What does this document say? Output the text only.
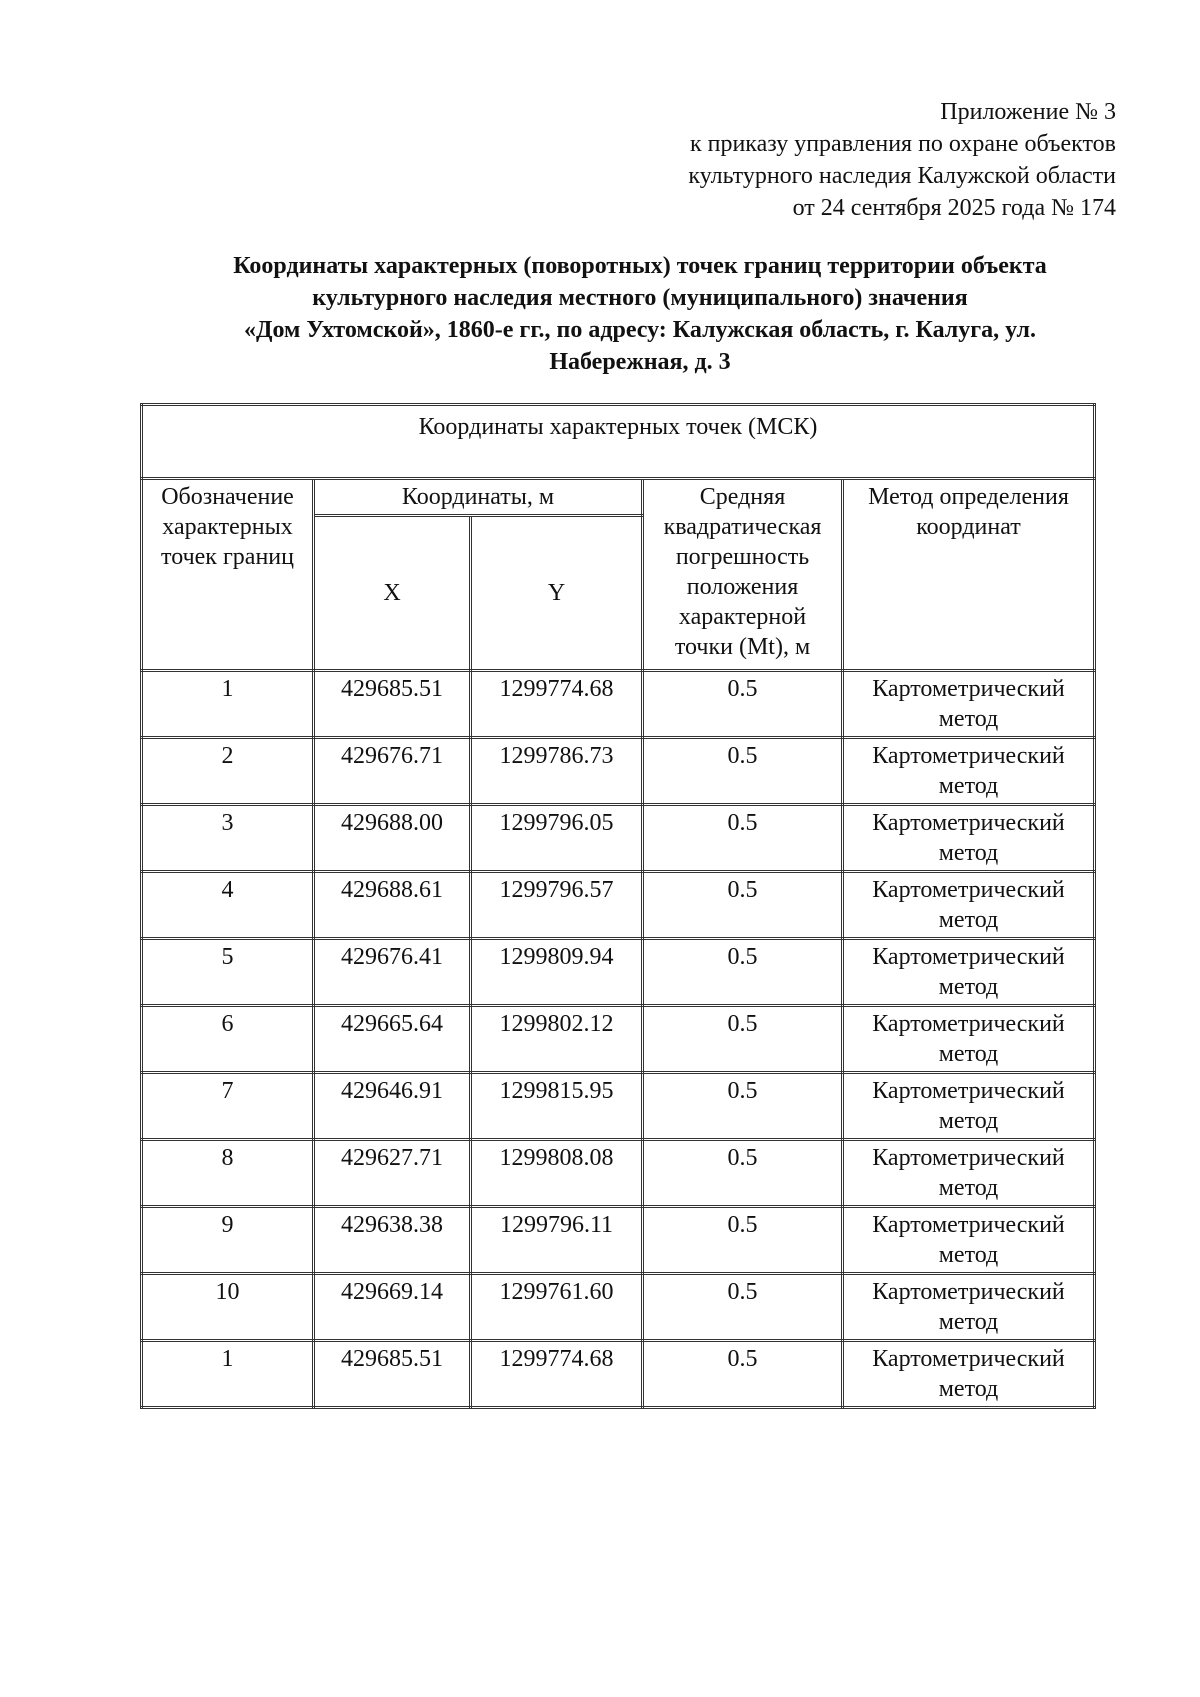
Приложение № 3
к приказу управления по охране объектов
культурного наследия Калужской области
от 24 сентября 2025 года № 174
Координаты характерных (поворотных) точек границ территории объекта
культурного наследия местного (муниципального) значения
«Дом Ухтомской», 1860-е гг., по адресу: Калужская область, г. Калуга, ул.
Набережная, д. 3
Координаты характерных точек (МСК)				
Обозначение характерных точек границ	Координаты, м		Средняя квадратическая погрешность положения характерной точки (Mt), м	Метод определения координат
	X	Y		
1	429685.51	1299774.68	0.5	Картометрический метод
2	429676.71	1299786.73	0.5	Картометрический метод
3	429688.00	1299796.05	0.5	Картометрический метод
4	429688.61	1299796.57	0.5	Картометрический метод
5	429676.41	1299809.94	0.5	Картометрический метод
6	429665.64	1299802.12	0.5	Картометрический метод
7	429646.91	1299815.95	0.5	Картометрический метод
8	429627.71	1299808.08	0.5	Картометрический метод
9	429638.38	1299796.11	0.5	Картометрический метод
10	429669.14	1299761.60	0.5	Картометрический метод
1	429685.51	1299774.68	0.5	Картометрический метод
